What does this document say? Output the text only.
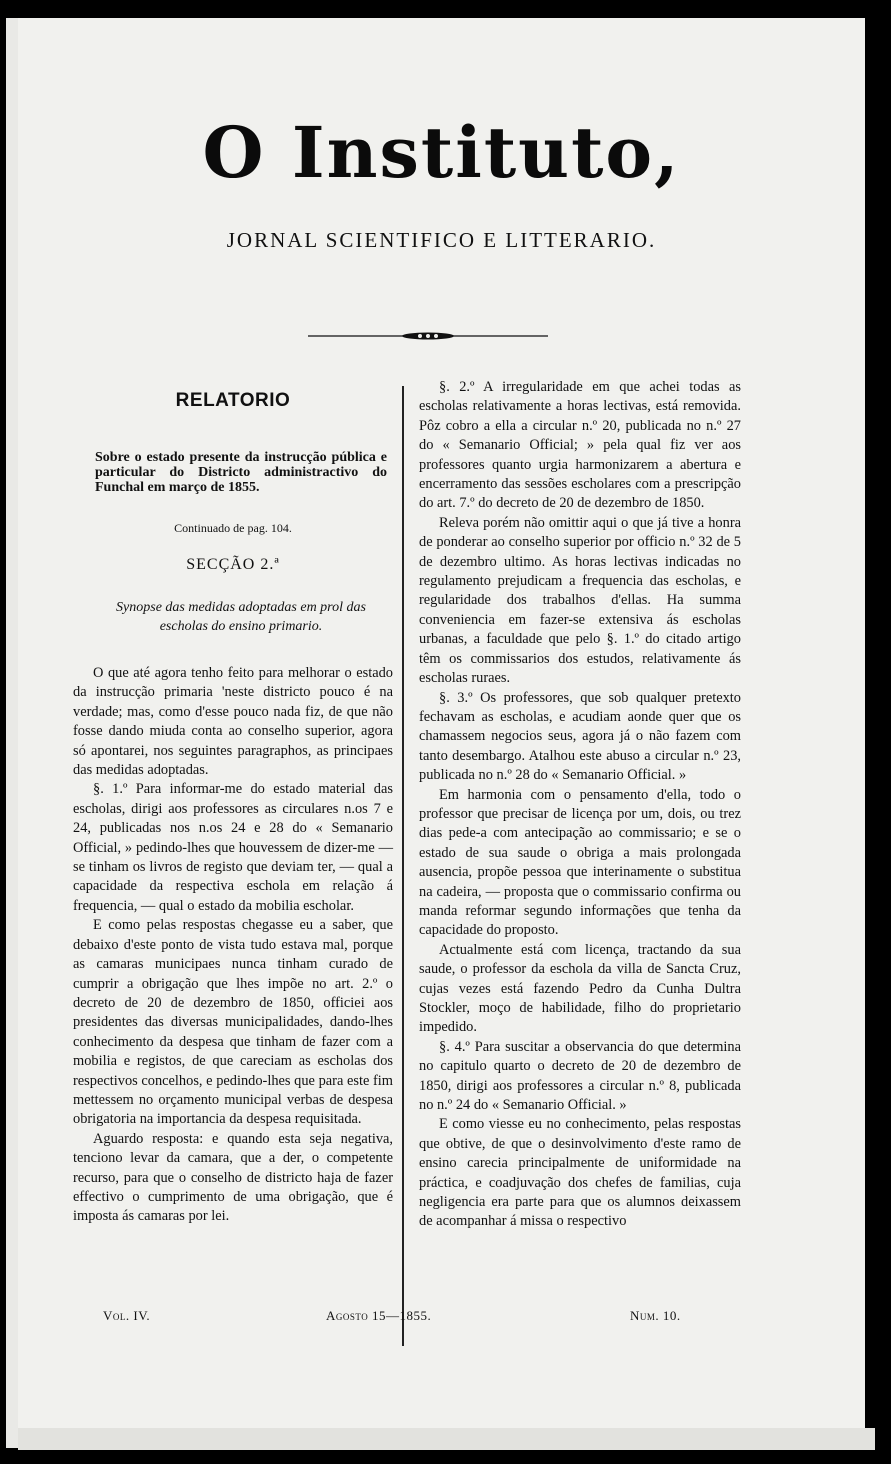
O Instituto,
JORNAL SCIENTIFICO E LITTERARIO.
RELATORIO
Sobre o estado presente da instrucção pública e particular do Districto administractivo do Funchal em março de 1855.
Continuado de pag. 104.
SECÇÃO 2.ª
Synopse das medidas adoptadas em prol das escholas do ensino primario.

O que até agora tenho feito para melhorar o estado da instrucção primaria 'neste districto pouco é na verdade; mas, como d'esse pouco nada fiz, de que não fosse dando miuda conta ao conselho superior, agora só apontarei, nos seguintes paragraphos, as principaes das medidas adoptadas.

§. 1.º Para informar-me do estado material das escholas, dirigi aos professores as circulares n.os 7 e 24, publicadas nos n.os 24 e 28 do « Semanario Official, » pedindo-lhes que houvessem de dizer-me — se tinham os livros de registo que deviam ter, — qual a capacidade da respectiva eschola em relação á frequencia, — qual o estado da mobilia escholar.

E como pelas respostas chegasse eu a saber, que debaixo d'este ponto de vista tudo estava mal, porque as camaras municipaes nunca tinham curado de cumprir a obrigação que lhes impõe no art. 2.º o decreto de 20 de dezembro de 1850, officiei aos presidentes das diversas municipalidades, dando-lhes conhecimento da despesa que tinham de fazer com a mobilia e registos, de que careciam as escholas dos respectivos concelhos, e pedindo-lhes que para este fim mettessem no orçamento municipal verbas de despesa obrigatoria na importancia da despesa requisitada.

Aguardo resposta: e quando esta seja negativa, tenciono levar da camara, que a der, o competente recurso, para que o conselho de districto haja de fazer effectivo o cumprimento de uma obrigação, que é imposta ás camaras por lei.

§. 2.º A irregularidade em que achei todas as escholas relativamente a horas lectivas, está removida. Pôz cobro a ella a circular n.º 20, publicada no n.º 27 do « Semanario Official; » pela qual fiz ver aos professores quanto urgia harmonizarem a abertura e encerramento das sessões escholares com a prescripção do art. 7.º do decreto de 20 de dezembro de 1850.

Releva porém não omittir aqui o que já tive a honra de ponderar ao conselho superior por officio n.º 32 de 5 de dezembro ultimo. As horas lectivas indicadas no regulamento prejudicam a frequencia das escholas, e regularidade dos trabalhos d'ellas. Ha summa conveniencia em fazer-se extensiva ás escholas urbanas, a faculdade que pelo §. 1.º do citado artigo têm os commissarios dos estudos, relativamente ás escholas ruraes.

§. 3.º Os professores, que sob qualquer pretexto fechavam as escholas, e acudiam aonde quer que os chamassem negocios seus, agora já o não fazem com tanto desembargo. Atalhou este abuso a circular n.º 23, publicada no n.º 28 do « Semanario Official. »

Em harmonia com o pensamento d'ella, todo o professor que precisar de licença por um, dois, ou trez dias pede-a com antecipação ao commissario; e se o estado de sua saude o obriga a mais prolongada ausencia, propõe pessoa que interinamente o substitua na cadeira, — proposta que o commissario confirma ou manda reformar segundo informações que tenha da capacidade do proposto.

Actualmente está com licença, tractando da sua saude, o professor da eschola da villa de Sancta Cruz, cujas vezes está fazendo Pedro da Cunha Dultra Stockler, moço de habilidade, filho do proprietario impedido.

§. 4.º Para suscitar a observancia do que determina no capitulo quarto o decreto de 20 de dezembro de 1850, dirigi aos professores a circular n.º 8, publicada no n.º 24 do « Semanario Official. »

E como viesse eu no conhecimento, pelas respostas que obtive, de que o desinvolvimento d'este ramo de ensino carecia principalmente de uniformidade na práctica, e coadjuvação dos chefes de familias, cuja negligencia era parte para que os alumnos deixassem de acompanhar á missa o respectivo

Vol. IV.	Agosto 15—1855.	Num. 10.
